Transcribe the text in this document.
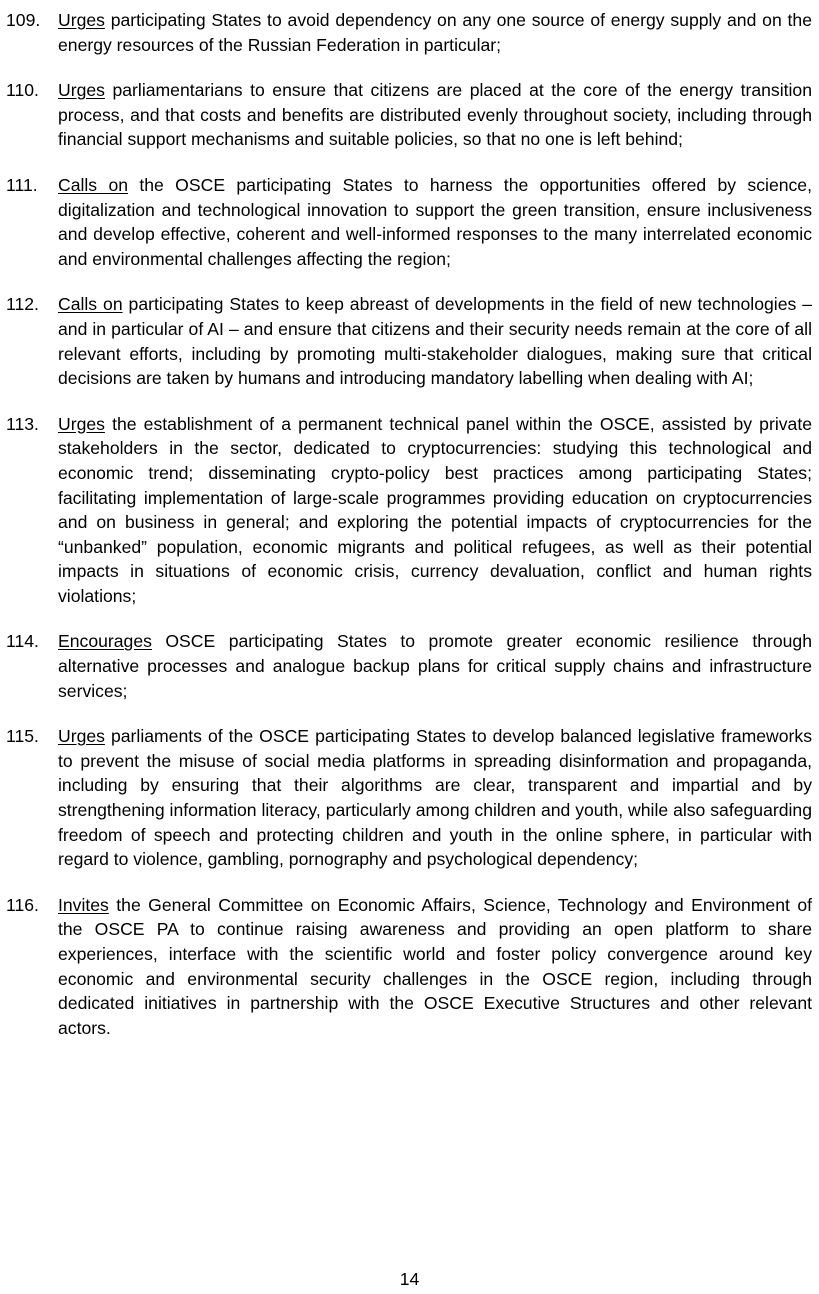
109.	Urges participating States to avoid dependency on any one source of energy supply and on the energy resources of the Russian Federation in particular;
110.	Urges parliamentarians to ensure that citizens are placed at the core of the energy transition process, and that costs and benefits are distributed evenly throughout society, including through financial support mechanisms and suitable policies, so that no one is left behind;
111.	Calls on the OSCE participating States to harness the opportunities offered by science, digitalization and technological innovation to support the green transition, ensure inclusiveness and develop effective, coherent and well-informed responses to the many interrelated economic and environmental challenges affecting the region;
112.	Calls on participating States to keep abreast of developments in the field of new technologies – and in particular of AI – and ensure that citizens and their security needs remain at the core of all relevant efforts, including by promoting multi-stakeholder dialogues, making sure that critical decisions are taken by humans and introducing mandatory labelling when dealing with AI;
113.	Urges the establishment of a permanent technical panel within the OSCE, assisted by private stakeholders in the sector, dedicated to cryptocurrencies: studying this technological and economic trend; disseminating crypto-policy best practices among participating States; facilitating implementation of large-scale programmes providing education on cryptocurrencies and on business in general; and exploring the potential impacts of cryptocurrencies for the “unbanked” population, economic migrants and political refugees, as well as their potential impacts in situations of economic crisis, currency devaluation, conflict and human rights violations;
114.	Encourages OSCE participating States to promote greater economic resilience through alternative processes and analogue backup plans for critical supply chains and infrastructure services;
115.	Urges parliaments of the OSCE participating States to develop balanced legislative frameworks to prevent the misuse of social media platforms in spreading disinformation and propaganda, including by ensuring that their algorithms are clear, transparent and impartial and by strengthening information literacy, particularly among children and youth, while also safeguarding freedom of speech and protecting children and youth in the online sphere, in particular with regard to violence, gambling, pornography and psychological dependency;
116.	Invites the General Committee on Economic Affairs, Science, Technology and Environment of the OSCE PA to continue raising awareness and providing an open platform to share experiences, interface with the scientific world and foster policy convergence around key economic and environmental security challenges in the OSCE region, including through dedicated initiatives in partnership with the OSCE Executive Structures and other relevant actors.
14
